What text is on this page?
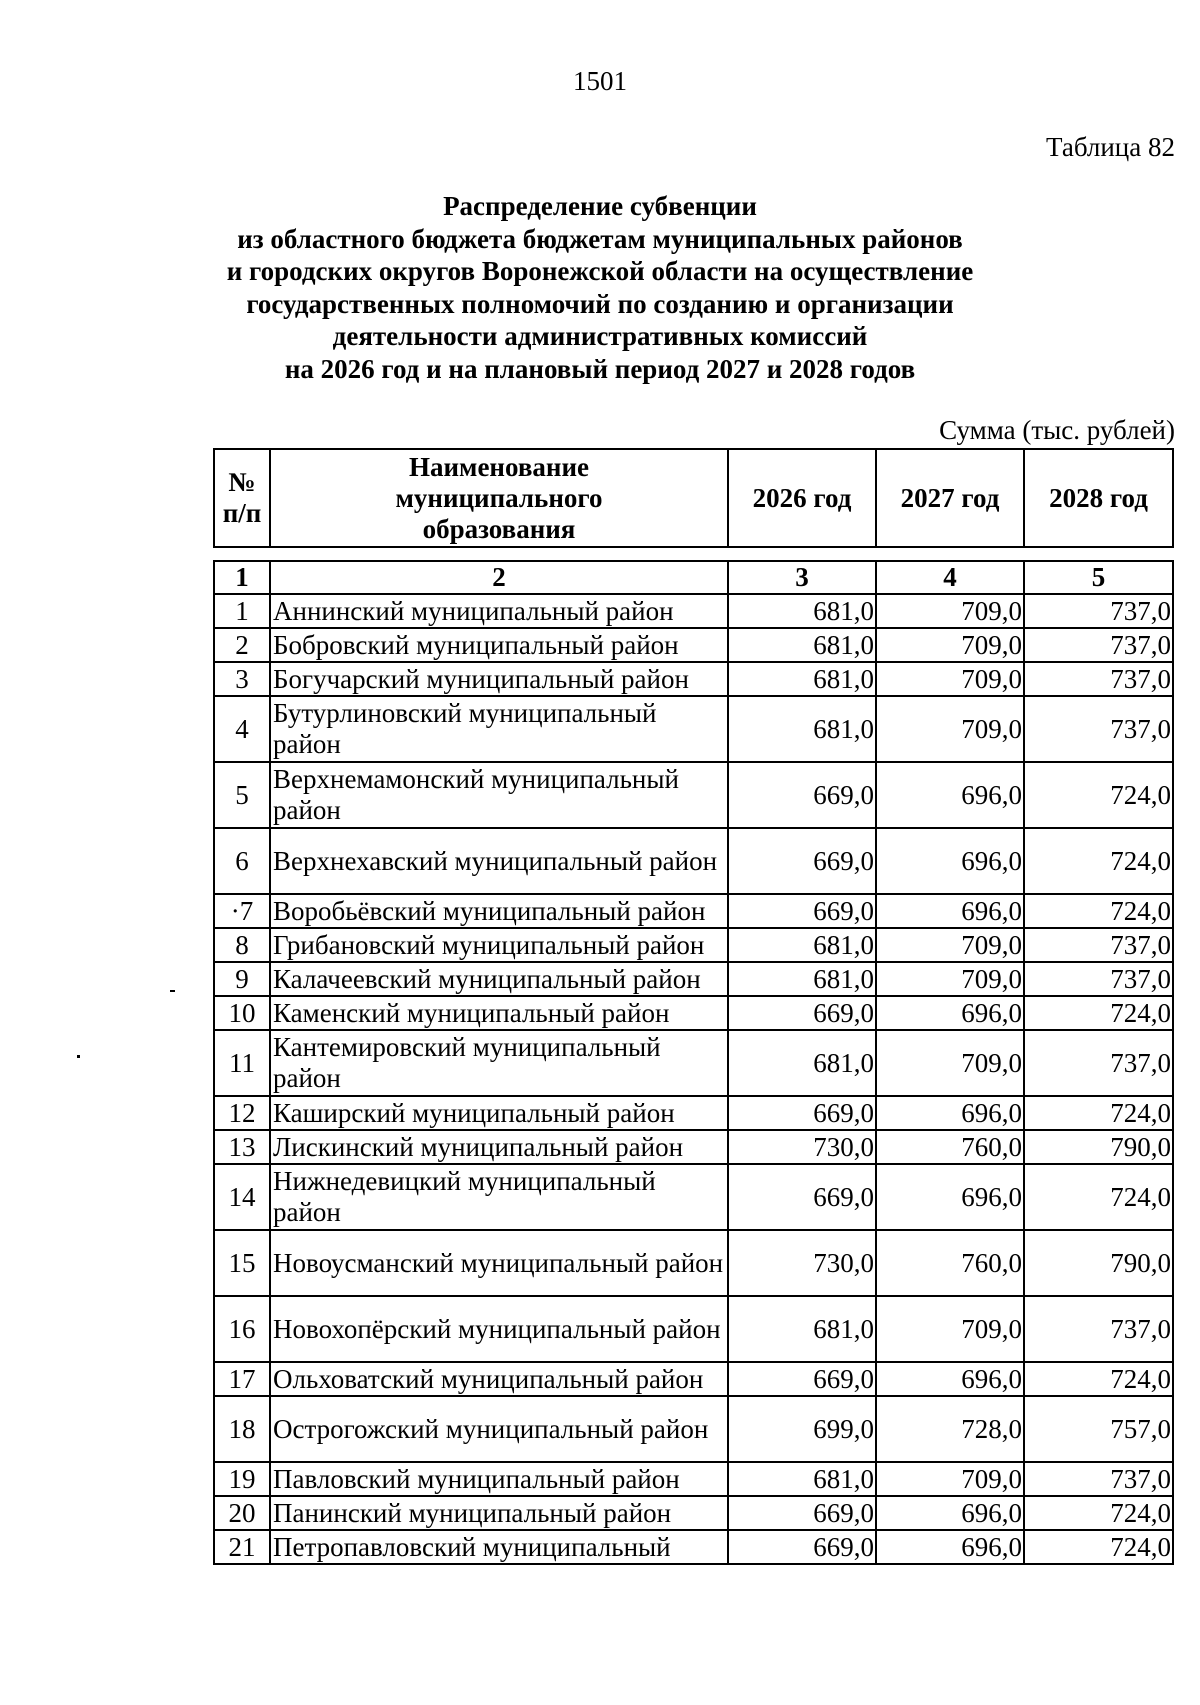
1501
Таблица 82
Распределение субвенции
из областного бюджета бюджетам муниципальных районов
и городских округов Воронежской области на осуществление
государственных полномочий по созданию и организации
деятельности административных комиссий
на 2026 год и на плановый период 2027 и 2028 годов
Сумма (тыс. рублей)
№ п/п	Наименование муниципального образования	2026 год	2027 год	2028 год
1	2	3	4	5
1	Аннинский муниципальный район	681,0	709,0	737,0
2	Бобровский муниципальный район	681,0	709,0	737,0
3	Богучарский муниципальный район	681,0	709,0	737,0
4	Бутурлиновский муниципальный район	681,0	709,0	737,0
5	Верхнемамонский муниципальный район	669,0	696,0	724,0
6	Верхнехавский муниципальный район	669,0	696,0	724,0
·7	Воробьёвский муниципальный район	669,0	696,0	724,0
8	Грибановский муниципальный район	681,0	709,0	737,0
9	Калачеевский муниципальный район	681,0	709,0	737,0
10	Каменский муниципальный район	669,0	696,0	724,0
11	Кантемировский муниципальный район	681,0	709,0	737,0
12	Каширский муниципальный район	669,0	696,0	724,0
13	Лискинский муниципальный район	730,0	760,0	790,0
14	Нижнедевицкий муниципальный район	669,0	696,0	724,0
15	Новоусманский муниципальный район	730,0	760,0	790,0
16	Новохопёрский муниципальный район	681,0	709,0	737,0
17	Ольховатский муниципальный район	669,0	696,0	724,0
18	Острогожский муниципальный район	699,0	728,0	757,0
19	Павловский муниципальный район	681,0	709,0	737,0
20	Панинский муниципальный район	669,0	696,0	724,0
21	Петропавловский муниципальный	669,0	696,0	724,0
